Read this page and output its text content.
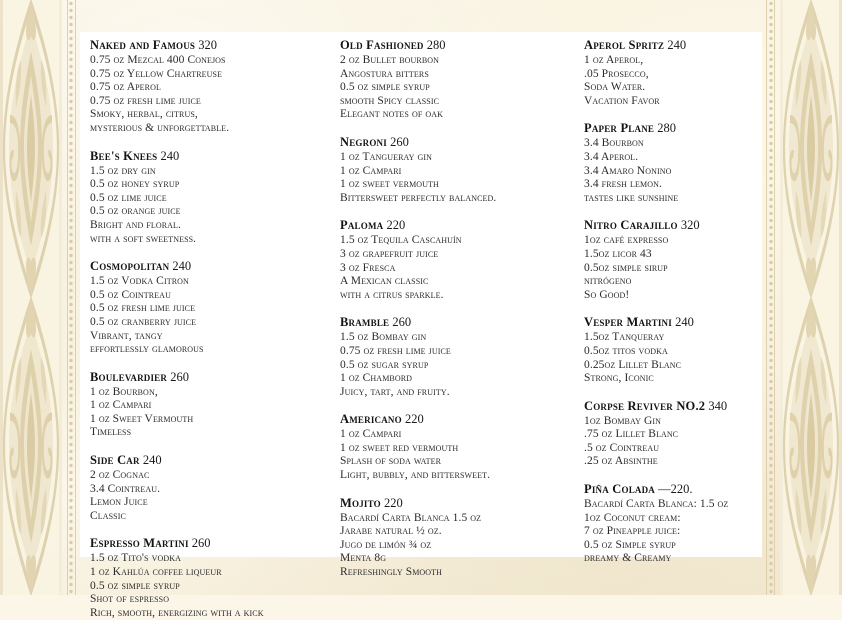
Naked and Famous 320
0.75 oz Mezcal 400 Conejos
0.75 oz Yellow Chartreuse
0.75 oz Aperol
0.75 oz fresh lime juice
Smoky, herbal, citrus,
mysterious & unforgettable.
Bee's Knees 240
1.5 oz dry gin
0.5 oz honey syrup
0.5 oz lime juice
0.5 oz orange juice
Bright and floral.
with a soft sweetness.
Cosmopolitan 240
1.5 oz Vodka Citron
0.5 oz Cointreau
0.5 oz fresh lime juice
0.5 oz cranberry juice
Vibrant, tangy
effortlessly glamorous
Boulevardier 260
1 oz Bourbon,
1 oz Campari
1 oz Sweet Vermouth
Timeless
Side Car 240
2 oz Cognac
3.4 Cointreau.
Lemon Juice
Classic
Espresso Martini 260
1.5 oz Tito's vodka
1 oz Kahlúa coffee liqueur
0.5 oz simple syrup
Shot of espresso
Rich, smooth, energizing with a kick
Old Fashioned 280
2 oz Bullet bourbon
Angostura bitters
0.5 oz simple syrup
smooth Spicy classic
Elegant notes of oak
Negroni 260
1 oz Tangueray gin
1 oz Campari
1 oz sweet vermouth
Bittersweet perfectly balanced.
Paloma 220
1.5 oz Tequila Cascahuín
3 oz grapefruit juice
3 oz Fresca
A Mexican classic
with a citrus sparkle.
Bramble 260
1.5 oz Bombay gin
0.75 oz fresh lime juice
0.5 oz sugar syrup
1 oz Chambord
Juicy, tart, and fruity.
Americano 220
1 oz Campari
1 oz sweet red vermouth
Splash of soda water
Light, bubbly, and bittersweet.
Mojito 220
Bacardí Carta Blanca 1.5 oz
Jarabe natural ½ oz.
Jugo de limón ¾ oz
Menta 8g
Refreshingly Smooth
Aperol Spritz 240
1 oz Aperol,
.05 Prosecco,
Soda Water.
Vacation Favor
Paper Plane 280
3.4 Bourbon
3.4 Aperol.
3.4 Amaro Nonino
3.4 fresh lemon.
tastes like sunshine
Nitro Carajillo 320
1oz café expresso
1.5oz licor 43
0.5oz simple sirup
nitrógeno
So Good!
Vesper Martini 240
1.5oz Tanqueray
0.5oz titos vodka
0.25oz Lillet Blanc
Strong, Iconic
Corpse Reviver NO.2 340
1oz Bombay Gin
.75 oz Lillet Blanc
.5 oz Cointreau
.25 oz Absinthe
Piña Colada —220.
Bacardí Carta Blanca: 1.5 oz
1oz Coconut cream:
7 oz Pineapple juice:
0.5 oz Simple syrup
dreamy & Creamy
